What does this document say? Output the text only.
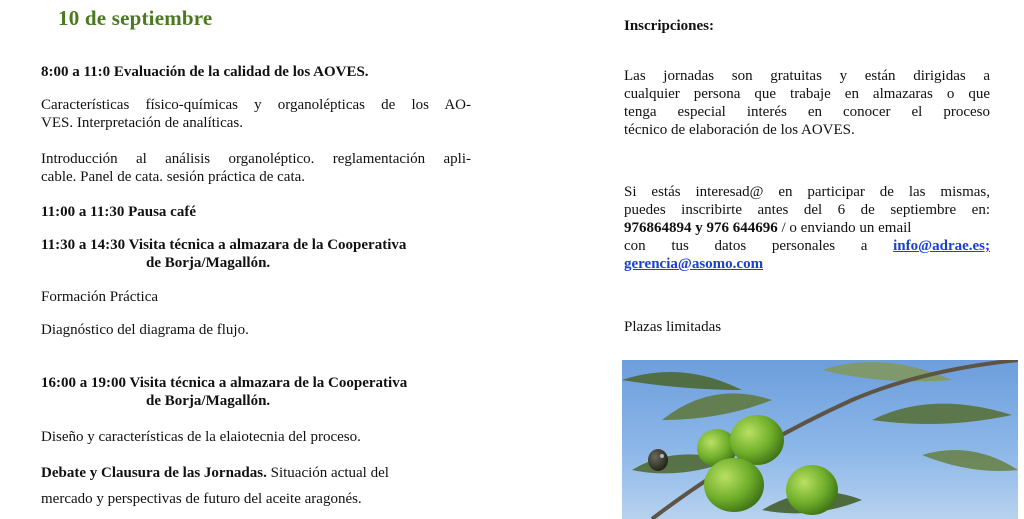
10 de septiembre
8:00 a 11:0 Evaluación de la calidad de los AOVES.
Características físico-químicas y organolépticas de los AO-
VES. Interpretación de analíticas.
Introducción al análisis organoléptico. reglamentación apli-
cable. Panel de cata. sesión práctica de cata.
11:00 a 11:30 Pausa café
11:30 a 14:30 Visita técnica a almazara de la Cooperativa
de Borja/Magallón.
Formación Práctica
Diagnóstico del diagrama de flujo.
16:00 a 19:00 Visita técnica a almazara de la Cooperativa
de Borja/Magallón.
Diseño y características de la elaiotecnia del proceso.
Debate y Clausura de las Jornadas. Situación actual del
mercado y perspectivas de futuro del aceite aragonés.
Inscripciones:
Las jornadas son gratuitas y están dirigidas a
cualquier persona que trabaje en almazaras o que
tenga especial interés en conocer el proceso
técnico de elaboración de los AOVES.
Si estás interesad@ en participar de las mismas,
puedes inscribirte antes del 6 de septiembre en:
976864894 y 976 644696 / o enviando un email
con tus datos personales a info@adrae.es;
gerencia@asomo.com
Plazas limitadas
